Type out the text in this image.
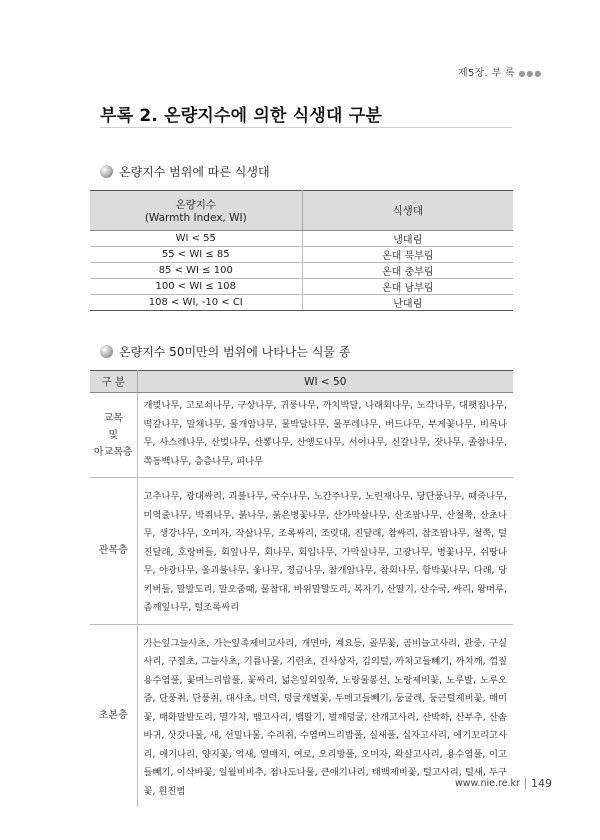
제5장. 부 록 ●●●
부록 2. 온량지수에 의한 식생대 구분
온량지수 범위에 따른 식생대
온량지수
(Warmth Index, WI)	식생대
WI < 55	냉대림
55 < WI ≤ 85	온대 북부림
85 < WI ≤ 100	온대 중부림
100 < WI ≤ 108	온대 남부림
108 < WI, -10 < CI	난대림
온량지수 50미만의 범위에 나타나는 식물 종
구 분	WI < 50

교목
및
아교목층	개벚나무, 고로쇠나무, 구상나무, 귀룽나무, 까치박달, 나래회나무, 노각나무, 대팻집나무, 떡갈나무, 말채나무, 물개암나무, 물박달나무, 물푸레나무, 버드나무, 부게꽃나무, 비목나무, 사스레나무, 산벚나무, 산뽕나무, 산앵도나무, 서어나무, 신갈나무, 잣나무, 졸참나무, 쪽동백나무, 층층나무, 피나무
관목층	고추나무, 광대싸리, 괴불나무, 국수나무, 노간주나무, 노린재나무, 당단풍나무, 때죽나무, 미역줄나무, 박쥐나무, 붉나무, 붉은병꽃나무, 산가막살나무, 산조팝나무, 산철쭉, 산초나무, 생강나무, 오미자, 작살나무, 조록싸리, 조릿대, 진달래, 참싸리, 참조팝나무, 철쭉, 털진달래, 호랑버들, 회잎나무, 회나무, 회입나무, 가막살나무, 고광나무, 병꽃나무, 쉬땅나무, 야광나무, 올괴불나무, 옻나무, 정금나무, 참개암나무, 참회나무, 함박꽃나무, 다래, 당키버들, 말발도리, 말오줌때, 물참대, 바위말발도리, 복자기, 산딸기, 산수국, 싸리, 왕머루, 좀깨잎나무, 털조록싸리
초본층	가는잎그늘사초, 가는잎족제비고사리, 개면마, 계요등, 골무꽃, 곰비늘고사리, 관중, 구실사리, 구절초, 그늘사초, 기름나물, 기린초, 긴사상자, 김의털, 까치고들빼기, 까치깨, 껍질용수염풀, 꽃며느리밥풀, 꽃싸리, 넓은잎외잎쑥, 노랑물봉선, 노랑제비꽃, 노루발, 노루오줌, 단풍취, 단풍취, 대사초, 더덕, 덩굴개별꽃, 두메고들빼기, 둥굴레, 둥근털제비꽃, 매미꽃, 매화말발도리, 멸가치, 뱀고사리, 뱀딸기, 벌깨덩굴, 산개고사리, 산박하, 산부추, 산솜바귀, 삿갓나물, 새, 선밀나물, 수리취, 수염며느리밥풀, 실새풀, 십자고사리, 애기꼬리고사리, 애기나리, 양지꽃, 억새, 열매지, 여로, 오리방풀, 오미자, 왁살고사리, 용수염풀, 이고들빼기, 이삭바꽃, 일월비비추, 점나도나물, 큰애기나리, 태백제비꽃, 털고사리, 털새, 두구꽃, 흰진범
www.nie.re.kr 149
